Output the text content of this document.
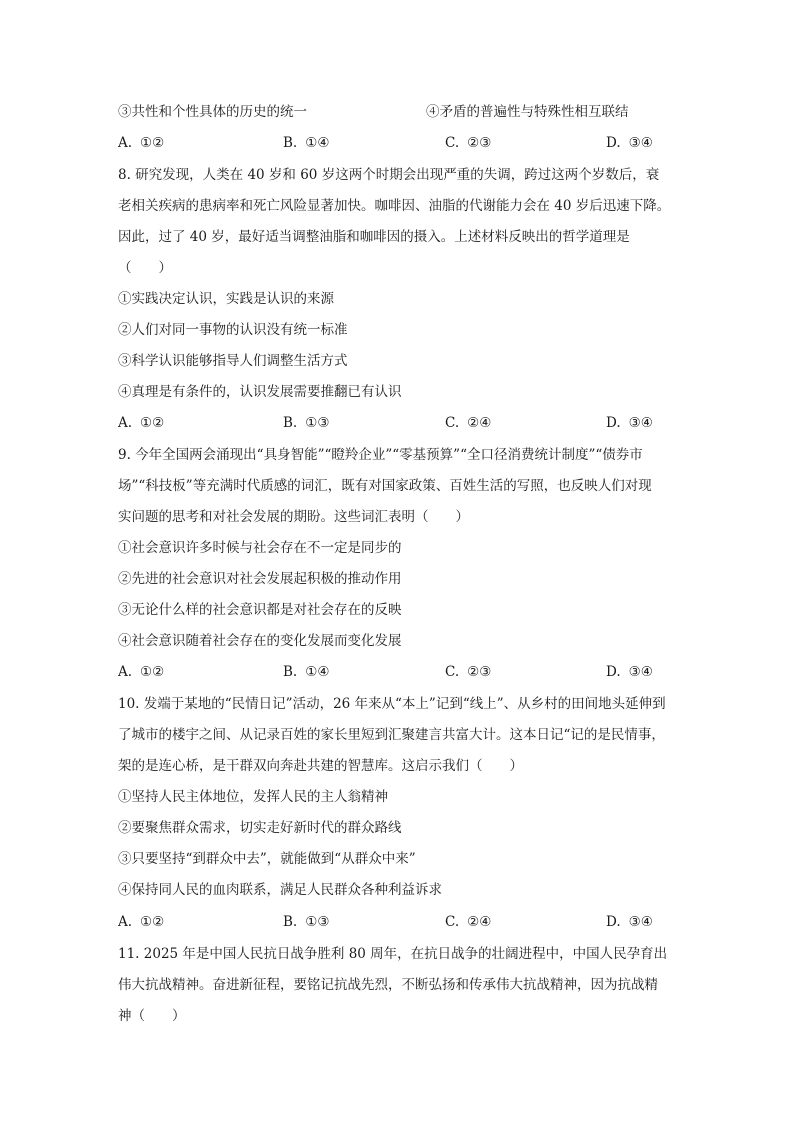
③共性和个性具体的历史的统一	④矛盾的普遍性与特殊性相互联结
A. ①②	B. ①④	C. ②③	D. ③④
8. 研究发现，人类在 40 岁和 60 岁这两个时期会出现严重的失调，跨过这两个岁数后，衰
老相关疾病的患病率和死亡风险显著加快。咖啡因、油脂的代谢能力会在 40 岁后迅速下降。
因此，过了 40 岁，最好适当调整油脂和咖啡因的摄入。上述材料反映出的哲学道理是
（　　）
①实践决定认识，实践是认识的来源
②人们对同一事物的认识没有统一标准
③科学认识能够指导人们调整生活方式
④真理是有条件的，认识发展需要推翻已有认识
A. ①②	B. ①③	C. ②④	D. ③④
9. 今年全国两会涌现出“具身智能”“瞪羚企业”“零基预算”“全口径消费统计制度”“债券市
场”“科技板”等充满时代质感的词汇，既有对国家政策、百姓生活的写照，也反映人们对现
实问题的思考和对社会发展的期盼。这些词汇表明（　　）
①社会意识许多时候与社会存在不一定是同步的
②先进的社会意识对社会发展起积极的推动作用
③无论什么样的社会意识都是对社会存在的反映
④社会意识随着社会存在的变化发展而变化发展
A. ①②	B. ①④	C. ②③	D. ③④
10. 发端于某地的“民情日记”活动，26 年来从“本上”记到“线上”、从乡村的田间地头延伸到
了城市的楼宇之间、从记录百姓的家长里短到汇聚建言共富大计。这本日记“记的是民情事，
架的是连心桥，是干群双向奔赴共建的智慧库。这启示我们（　　）
①坚持人民主体地位，发挥人民的主人翁精神
②要聚焦群众需求，切实走好新时代的群众路线
③只要坚持“到群众中去”，就能做到“从群众中来”
④保持同人民的血肉联系，满足人民群众各种利益诉求
A. ①②	B. ①③	C. ②④	D. ③④
11. 2025 年是中国人民抗日战争胜利 80 周年，在抗日战争的壮阔进程中，中国人民孕育出
伟大抗战精神。奋进新征程，要铭记抗战先烈，不断弘扬和传承伟大抗战精神，因为抗战精
神（　　）
